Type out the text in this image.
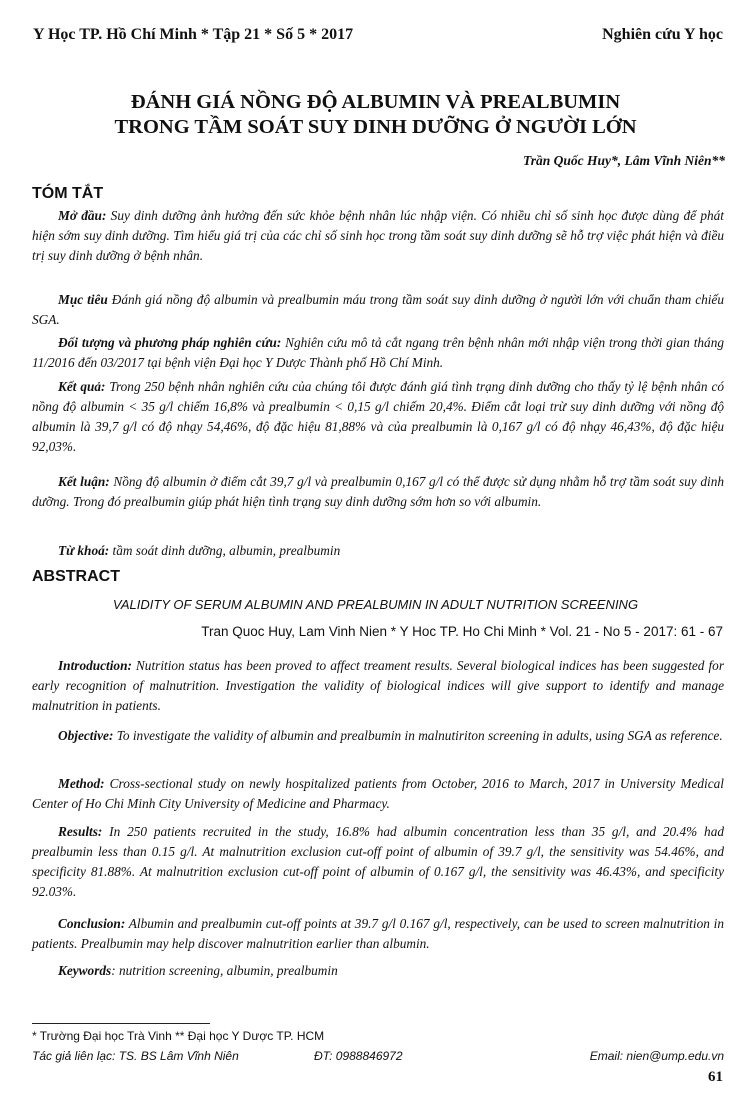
Y Học TP. Hồ Chí Minh * Tập 21 * Số 5 * 2017	Nghiên cứu Y học
ĐÁNH GIÁ NỒNG ĐỘ ALBUMIN VÀ PREALBUMIN
TRONG TẦM SOÁT SUY DINH DƯỠNG Ở NGƯỜI LỚN
Trần Quốc Huy*, Lâm Vĩnh Niên**
TÓM TẮT

Mở đầu: Suy dinh dưỡng ảnh hưởng đến sức khỏe bệnh nhân lúc nhập viện. Có nhiều chỉ số sinh học được dùng để phát hiện sớm suy dinh dưỡng. Tìm hiểu giá trị của các chỉ số sinh học trong tầm soát suy dinh dưỡng sẽ hỗ trợ việc phát hiện và điều trị suy dinh dưỡng ở bệnh nhân.

Mục tiêu Đánh giá nồng độ albumin và prealbumin máu trong tầm soát suy dinh dưỡng ở người lớn với chuẩn tham chiếu SGA.

Đối tượng và phương pháp nghiên cứu: Nghiên cứu mô tả cắt ngang trên bệnh nhân mới nhập viện trong thời gian tháng 11/2016 đến 03/2017 tại bệnh viện Đại học Y Dược Thành phố Hồ Chí Minh.

Kết quả: Trong 250 bệnh nhân nghiên cứu của chúng tôi được đánh giá tình trạng dinh dưỡng cho thấy tỷ lệ bệnh nhân có nồng độ albumin < 35 g/l chiếm 16,8% và prealbumin < 0,15 g/l chiếm 20,4%. Điểm cắt loại trừ suy dinh dưỡng với nồng độ albumin là 39,7 g/l có độ nhạy 54,46%, độ đặc hiệu 81,88% và của prealbumin là 0,167 g/l có độ nhạy 46,43%, độ đặc hiệu 92,03%.

Kết luận: Nồng độ albumin ở điểm cắt 39,7 g/l và prealbumin 0,167 g/l có thể được sử dụng nhằm hỗ trợ tầm soát suy dinh dưỡng. Trong đó prealbumin giúp phát hiện tình trạng suy dinh dưỡng sớm hơn so với albumin.

Từ khoá: tầm soát dinh dưỡng, albumin, prealbumin

ABSTRACT
VALIDITY OF SERUM ALBUMIN AND PREALBUMIN IN ADULT NUTRITION SCREENING
Tran Quoc Huy, Lam Vinh Nien * Y Hoc TP. Ho Chi Minh * Vol. 21 - No 5 - 2017: 61 - 67

Introduction: Nutrition status has been proved to affect treament results. Several biological indices has been suggested for early recognition of malnutrition. Investigation the validity of biological indices will give support to identify and manage malnutrition in patients.

Objective: To investigate the validity of albumin and prealbumin in malnutiriton screening in adults, using SGA as reference.

Method: Cross-sectional study on newly hospitalized patients from October, 2016 to March, 2017 in University Medical Center of Ho Chi Minh City University of Medicine and Pharmacy.

Results: In 250 patients recruited in the study, 16.8% had albumin concentration less than 35 g/l, and 20.4% had prealbumin less than 0.15 g/l. At malnutrition exclusion cut-off point of albumin of 39.7 g/l, the sensitivity was 54.46%, and specificity 81.88%. At malnutrition exclusion cut-off point of albumin of 0.167 g/l, the sensitivity was 46.43%, and specificity 92.03%.

Conclusion: Albumin and prealbumin cut-off points at 39.7 g/l 0.167 g/l, respectively, can be used to screen malnutrition in patients. Prealbumin may help discover malnutrition earlier than albumin.

Keywords: nutrition screening, albumin, prealbumin

* Trường Đại học Trà Vinh ** Đại học Y Dược TP. HCM
Tác giả liên lạc: TS. BS Lâm Vĩnh Niên	ĐT: 0988846972	Email: nien@ump.edu.vn
61
